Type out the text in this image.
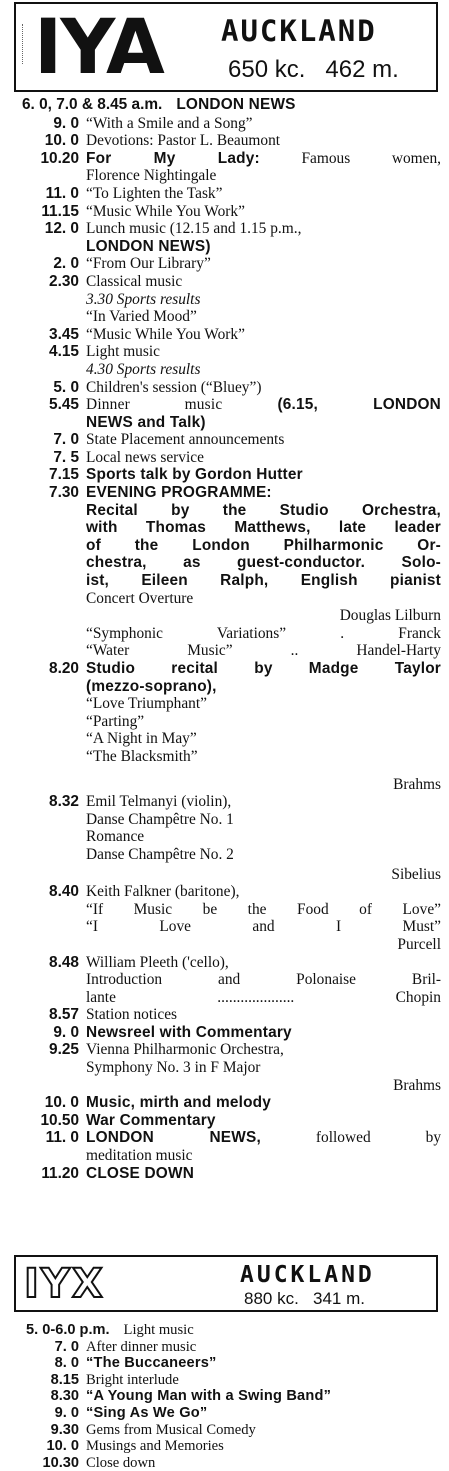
IYA AUCKLAND
650 kc. 462 m.
6. 0, 7.0 & 8.45 a.m. LONDON NEWS
9. 0 “With a Smile and a Song”
10. 0 Devotions: Pastor L. Beaumont
10.20 For My Lady: Famous women,
Florence Nightingale
11. 0 “To Lighten the Task”
11.15 “Music While You Work”
12. 0 Lunch music (12.15 and 1.15 p.m.,
LONDON NEWS)
2. 0 “From Our Library”
2.30 Classical music
3.30 Sports results
“In Varied Mood”
3.45 “Music While You Work”
4.15 Light music
4.30 Sports results
5. 0 Children's session (“Bluey”)
5.45 Dinner music (6.15, LONDON
NEWS and Talk)
7. 0 State Placement announcements
7. 5 Local news service
7.15 Sports talk by Gordon Hutter
7.30 EVENING PROGRAMME:
Recital by the Studio Orchestra,
with Thomas Matthews, late leader
of the London Philharmonic Or-
chestra, as guest-conductor. Solo-
ist, Eileen Ralph, English pianist
Concert Overture
Douglas Lilburn
“Symphonic Variations” . Franck
“Water Music” .. Handel-Harty
8.20 Studio recital by Madge Taylor
(mezzo-soprano),
“Love Triumphant”
“Parting”
“A Night in May”
“The Blacksmith”
Brahms
8.32 Emil Telmanyi (violin),
Danse Champêtre No. 1
Romance
Danse Champêtre No. 2
Sibelius
8.40 Keith Falkner (baritone),
“If Music be the Food of Love”
“I Love and I Must”
Purcell
8.48 William Pleeth ('cello),
Introduction and Polonaise Bril-
lante .................... Chopin
8.57 Station notices
9. 0 Newsreel with Commentary
9.25 Vienna Philharmonic Orchestra,
Symphony No. 3 in F Major
Brahms
10. 0 Music, mirth and melody
10.50 War Commentary
11. 0 LONDON NEWS, followed by
meditation music
11.20 CLOSE DOWN
IYX	AUCKLAND
880 kc. 341 m.
5. 0-6.0 p.m. Light music
7. 0 After dinner music
8. 0 “The Buccaneers”
8.15 Bright interlude
8.30 “A Young Man with a Swing Band”
9. 0 “Sing As We Go”
9.30 Gems from Musical Comedy
10. 0 Musings and Memories
10.30 Close down
